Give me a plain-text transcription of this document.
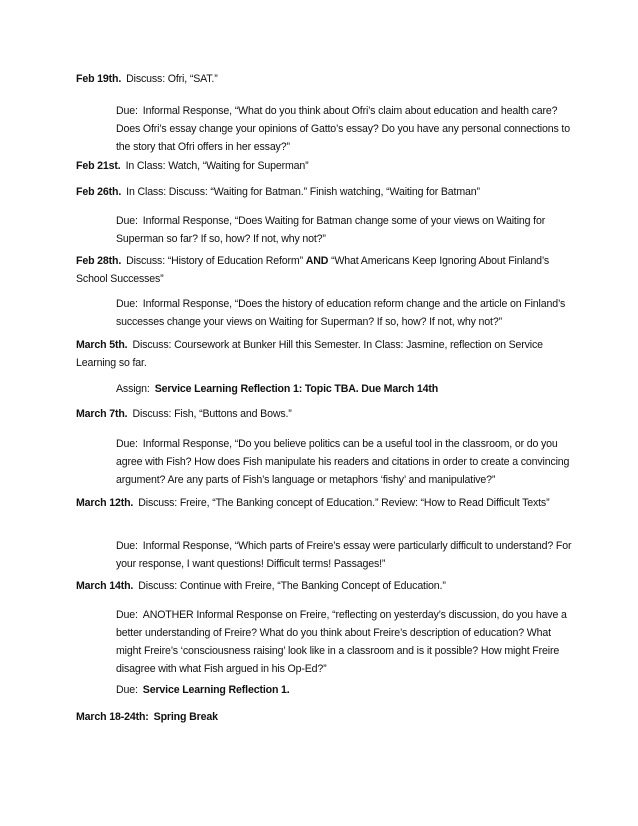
Feb 19th. Discuss: Ofri, “SAT.”
Due: Informal Response, “What do you think about Ofri’s claim about education and health care? Does Ofri’s essay change your opinions of Gatto’s essay? Do you have any personal connections to the story that Ofri offers in her essay?”
Feb 21st. In Class: Watch, “Waiting for Superman”
Feb 26th. In Class: Discuss: “Waiting for Batman.” Finish watching, “Waiting for Batman”
Due: Informal Response, “Does Waiting for Batman change some of your views on Waiting for Superman so far? If so, how? If not, why not?”
Feb 28th. Discuss: “History of Education Reform” AND “What Americans Keep Ignoring About Finland’s School Successes”
Due: Informal Response, “Does the history of education reform change and the article on Finland’s successes change your views on Waiting for Superman? If so, how? If not, why not?”
March 5th. Discuss: Coursework at Bunker Hill this Semester. In Class: Jasmine, reflection on Service Learning so far.
Assign: Service Learning Reflection 1: Topic TBA. Due March 14th
March 7th. Discuss: Fish, “Buttons and Bows.”
Due: Informal Response, “Do you believe politics can be a useful tool in the classroom, or do you agree with Fish? How does Fish manipulate his readers and citations in order to create a convincing argument? Are any parts of Fish’s language or metaphors ‘fishy’ and manipulative?”
March 12th. Discuss: Freire, “The Banking concept of Education.” Review: “How to Read Difficult Texts”
Due: Informal Response, “Which parts of Freire’s essay were particularly difficult to understand? For your response, I want questions! Difficult terms! Passages!”
March 14th. Discuss: Continue with Freire, “The Banking Concept of Education.”
Due: ANOTHER Informal Response on Freire, “reflecting on yesterday’s discussion, do you have a better understanding of Freire? What do you think about Freire’s description of education? What might Freire’s ‘consciousness raising’ look like in a classroom and is it possible? How might Freire disagree with what Fish argued in his Op-Ed?”
Due: Service Learning Reflection 1.
March 18-24th: Spring Break
